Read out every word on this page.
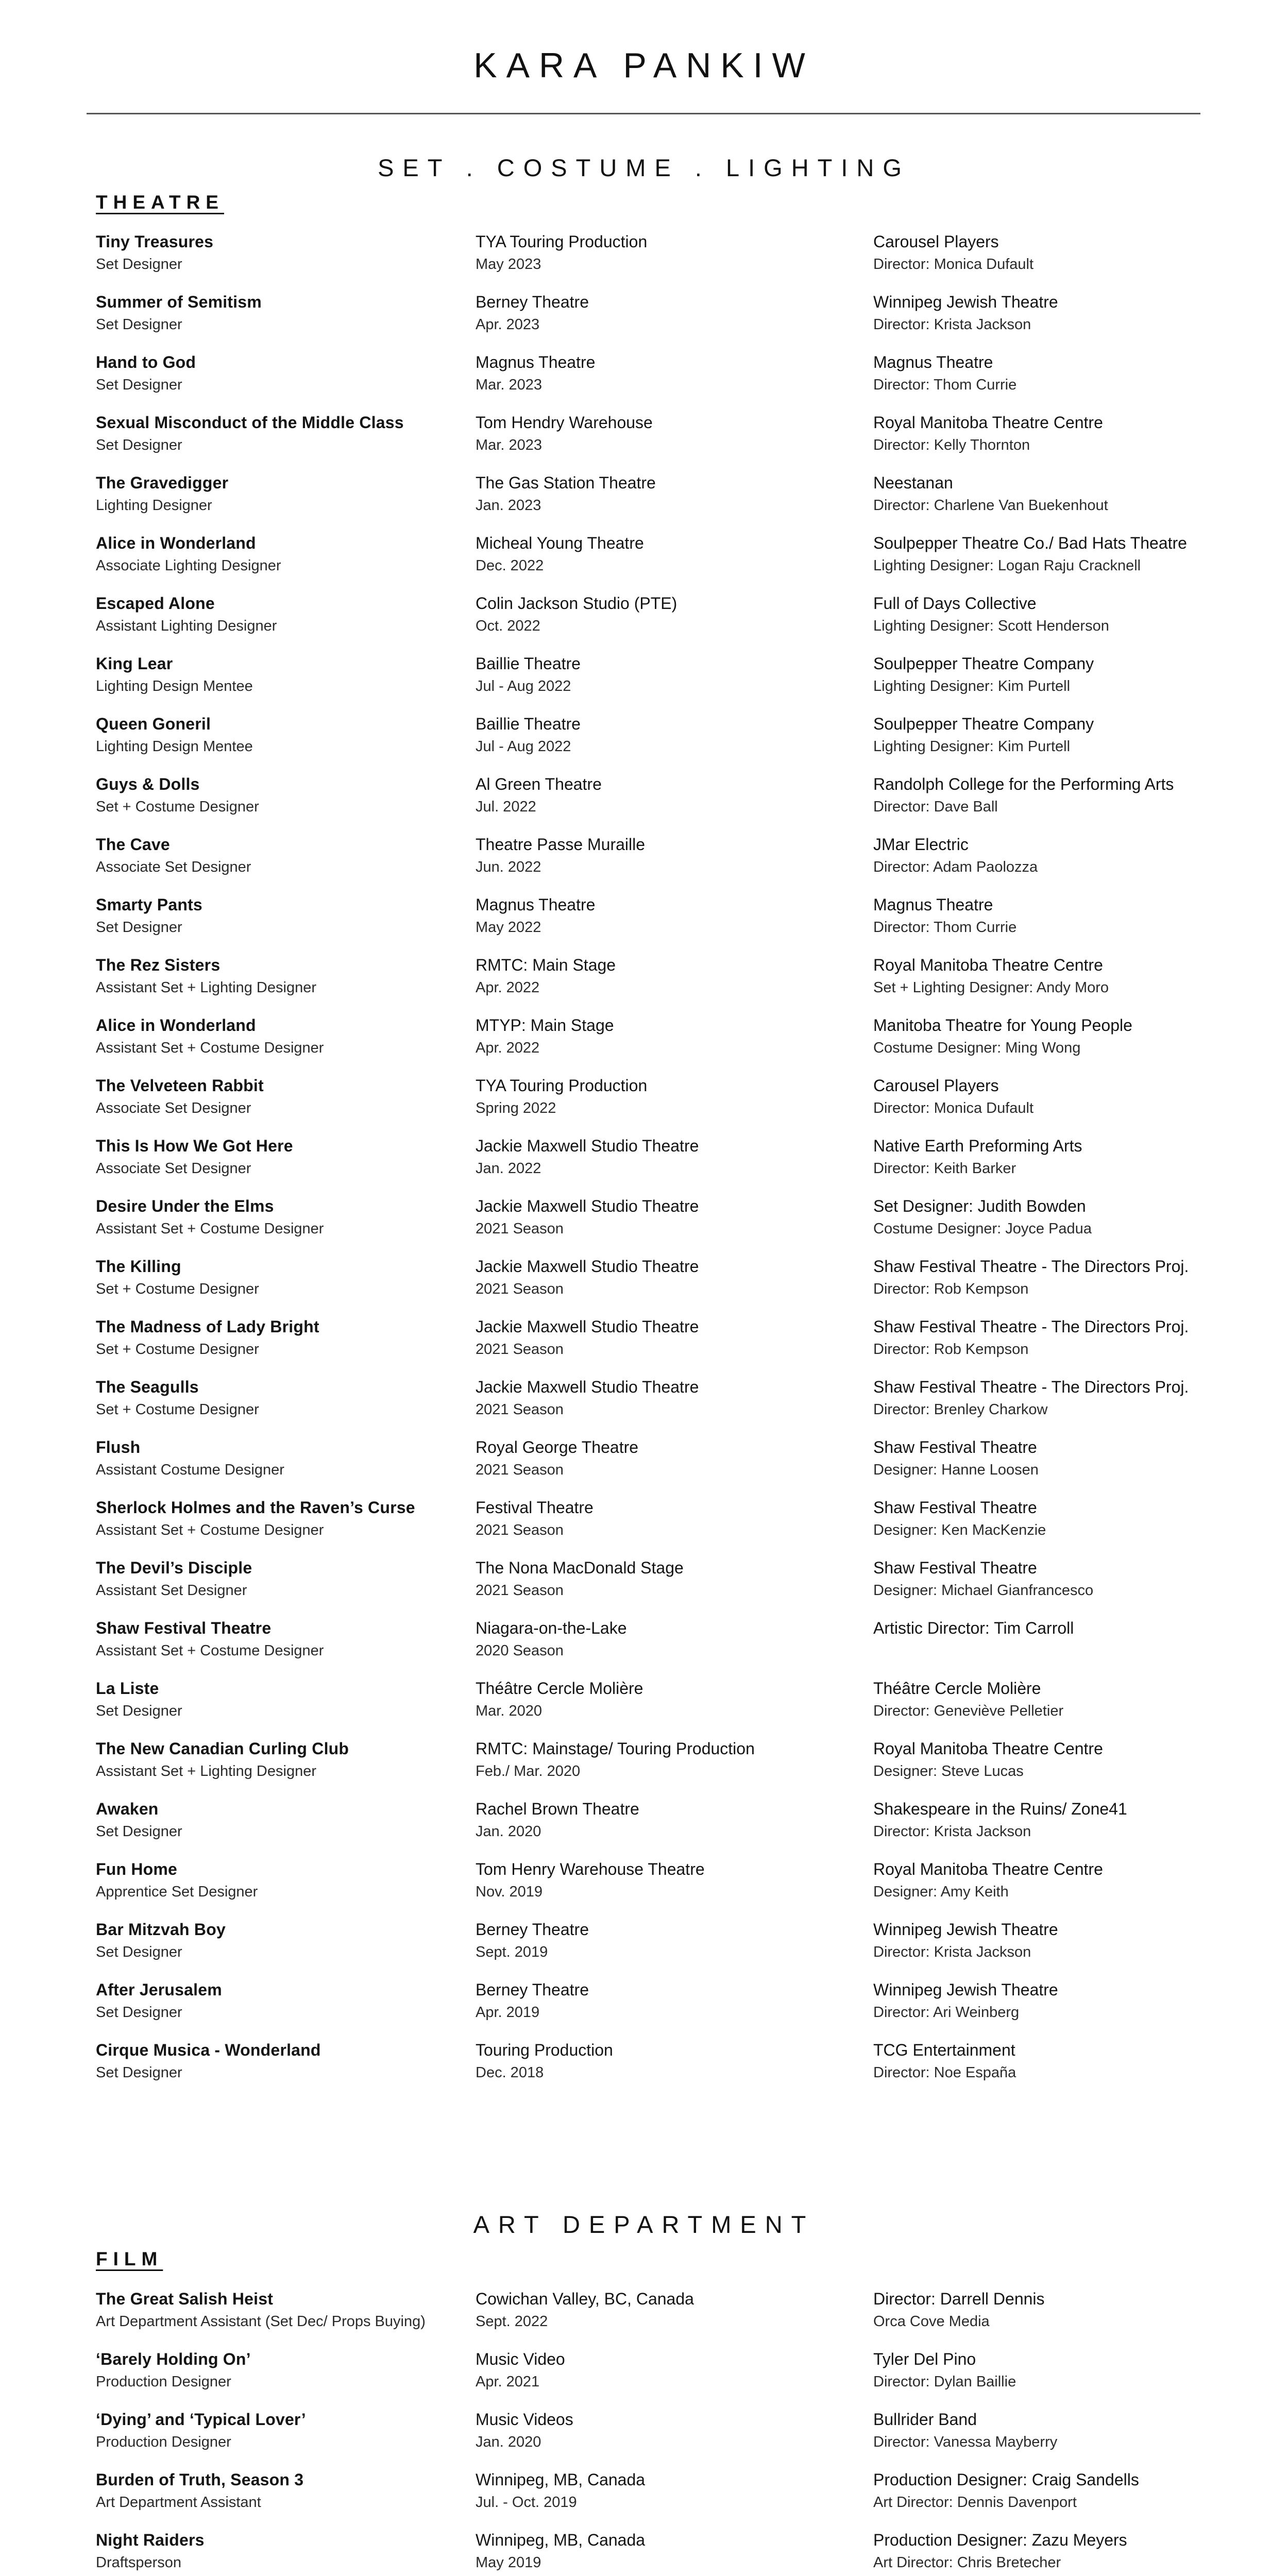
KARA PANKIW
SET . COSTUME . LIGHTING
THEATRE
Tiny Treasures
Set Designer
TYA Touring Production
May 2023
Carousel Players
Director: Monica Dufault
Summer of Semitism
Set Designer
Berney Theatre
Apr. 2023
Winnipeg Jewish Theatre
Director: Krista Jackson
Hand to God
Set Designer
Magnus Theatre
Mar. 2023
Magnus Theatre
Director: Thom Currie
Sexual Misconduct of the Middle Class
Set Designer
Tom Hendry Warehouse
Mar. 2023
Royal Manitoba Theatre Centre
Director: Kelly Thornton
The Gravedigger
Lighting Designer
The Gas Station Theatre
Jan. 2023
Neestanan
Director: Charlene Van Buekenhout
Alice in Wonderland
Associate Lighting Designer
Micheal Young Theatre
Dec. 2022
Soulpepper Theatre Co./ Bad Hats Theatre
Lighting Designer: Logan Raju Cracknell
Escaped Alone
Assistant Lighting Designer
Colin Jackson Studio (PTE)
Oct. 2022
Full of Days Collective
Lighting Designer: Scott Henderson
King Lear
Lighting Design Mentee
Baillie Theatre
Jul - Aug 2022
Soulpepper Theatre Company
Lighting Designer: Kim Purtell
Queen Goneril
Lighting Design Mentee
Baillie Theatre
Jul - Aug 2022
Soulpepper Theatre Company
Lighting Designer: Kim Purtell
Guys & Dolls
Set + Costume Designer
Al Green Theatre
Jul. 2022
Randolph College for the Performing Arts
Director: Dave Ball
The Cave
Associate Set Designer
Theatre Passe Muraille
Jun. 2022
JMar Electric
Director: Adam Paolozza
Smarty Pants
Set Designer
Magnus Theatre
May 2022
Magnus Theatre
Director: Thom Currie
The Rez Sisters
Assistant Set + Lighting Designer
RMTC: Main Stage
Apr. 2022
Royal Manitoba Theatre Centre
Set + Lighting Designer: Andy Moro
Alice in Wonderland
Assistant Set + Costume Designer
MTYP: Main Stage
Apr. 2022
Manitoba Theatre for Young People
Costume Designer: Ming Wong
The Velveteen Rabbit
Associate Set Designer
TYA Touring Production
Spring 2022
Carousel Players
Director: Monica Dufault
This Is How We Got Here
Associate Set Designer
Jackie Maxwell Studio Theatre
Jan. 2022
Native Earth Preforming Arts
Director: Keith Barker
Desire Under the Elms
Assistant Set + Costume Designer
Jackie Maxwell Studio Theatre
2021 Season
Set Designer: Judith Bowden
Costume Designer: Joyce Padua
The Killing
Set + Costume Designer
Jackie Maxwell Studio Theatre
2021 Season
Shaw Festival Theatre - The Directors Proj.
Director: Rob Kempson
The Madness of Lady Bright
Set + Costume Designer
Jackie Maxwell Studio Theatre
2021 Season
Shaw Festival Theatre - The Directors Proj.
Director: Rob Kempson
The Seagulls
Set + Costume Designer
Jackie Maxwell Studio Theatre
2021 Season
Shaw Festival Theatre - The Directors Proj.
Director: Brenley Charkow
Flush
Assistant Costume Designer
Royal George Theatre
2021 Season
Shaw Festival Theatre
Designer: Hanne Loosen
Sherlock Holmes and the Raven’s Curse
Assistant Set + Costume Designer
Festival Theatre
2021 Season
Shaw Festival Theatre
Designer: Ken MacKenzie
The Devil’s Disciple
Assistant Set Designer
The Nona MacDonald Stage
2021 Season
Shaw Festival Theatre
Designer: Michael Gianfrancesco
Shaw Festival Theatre
Assistant Set + Costume Designer
Niagara-on-the-Lake
2020 Season
Artistic Director: Tim Carroll
La Liste
Set Designer
Théâtre Cercle Molière
Mar. 2020
Théâtre Cercle Molière
Director: Geneviève Pelletier
The New Canadian Curling Club
Assistant Set + Lighting Designer
RMTC: Mainstage/ Touring Production
Feb./ Mar. 2020
Royal Manitoba Theatre Centre
Designer: Steve Lucas
Awaken
Set Designer
Rachel Brown Theatre
Jan. 2020
Shakespeare in the Ruins/ Zone41
Director: Krista Jackson
Fun Home
Apprentice Set Designer
Tom Henry Warehouse Theatre
Nov. 2019
Royal Manitoba Theatre Centre
Designer: Amy Keith
Bar Mitzvah Boy
Set Designer
Berney Theatre
Sept. 2019
Winnipeg Jewish Theatre
Director: Krista Jackson
After Jerusalem
Set Designer
Berney Theatre
Apr. 2019
Winnipeg Jewish Theatre
Director: Ari Weinberg
Cirque Musica - Wonderland
Set Designer
Touring Production
Dec. 2018
TCG Entertainment
Director: Noe España
ART DEPARTMENT
FILM
The Great Salish Heist
Art Department Assistant (Set Dec/ Props Buying)
Cowichan Valley, BC, Canada
Sept. 2022
Director: Darrell Dennis
Orca Cove Media
‘Barely Holding On’
Production Designer
Music Video
Apr. 2021
Tyler Del Pino
Director: Dylan Baillie
‘Dying’ and ‘Typical Lover’
Production Designer
Music Videos
Jan. 2020
Bullrider Band
Director: Vanessa Mayberry
Burden of Truth, Season 3
Art Department Assistant
Winnipeg, MB, Canada
Jul. - Oct. 2019
Production Designer: Craig Sandells
Art Director: Dennis Davenport
Night Raiders
Draftsperson
Winnipeg, MB, Canada
May 2019
Production Designer: Zazu Meyers
Art Director: Chris Bretecher
